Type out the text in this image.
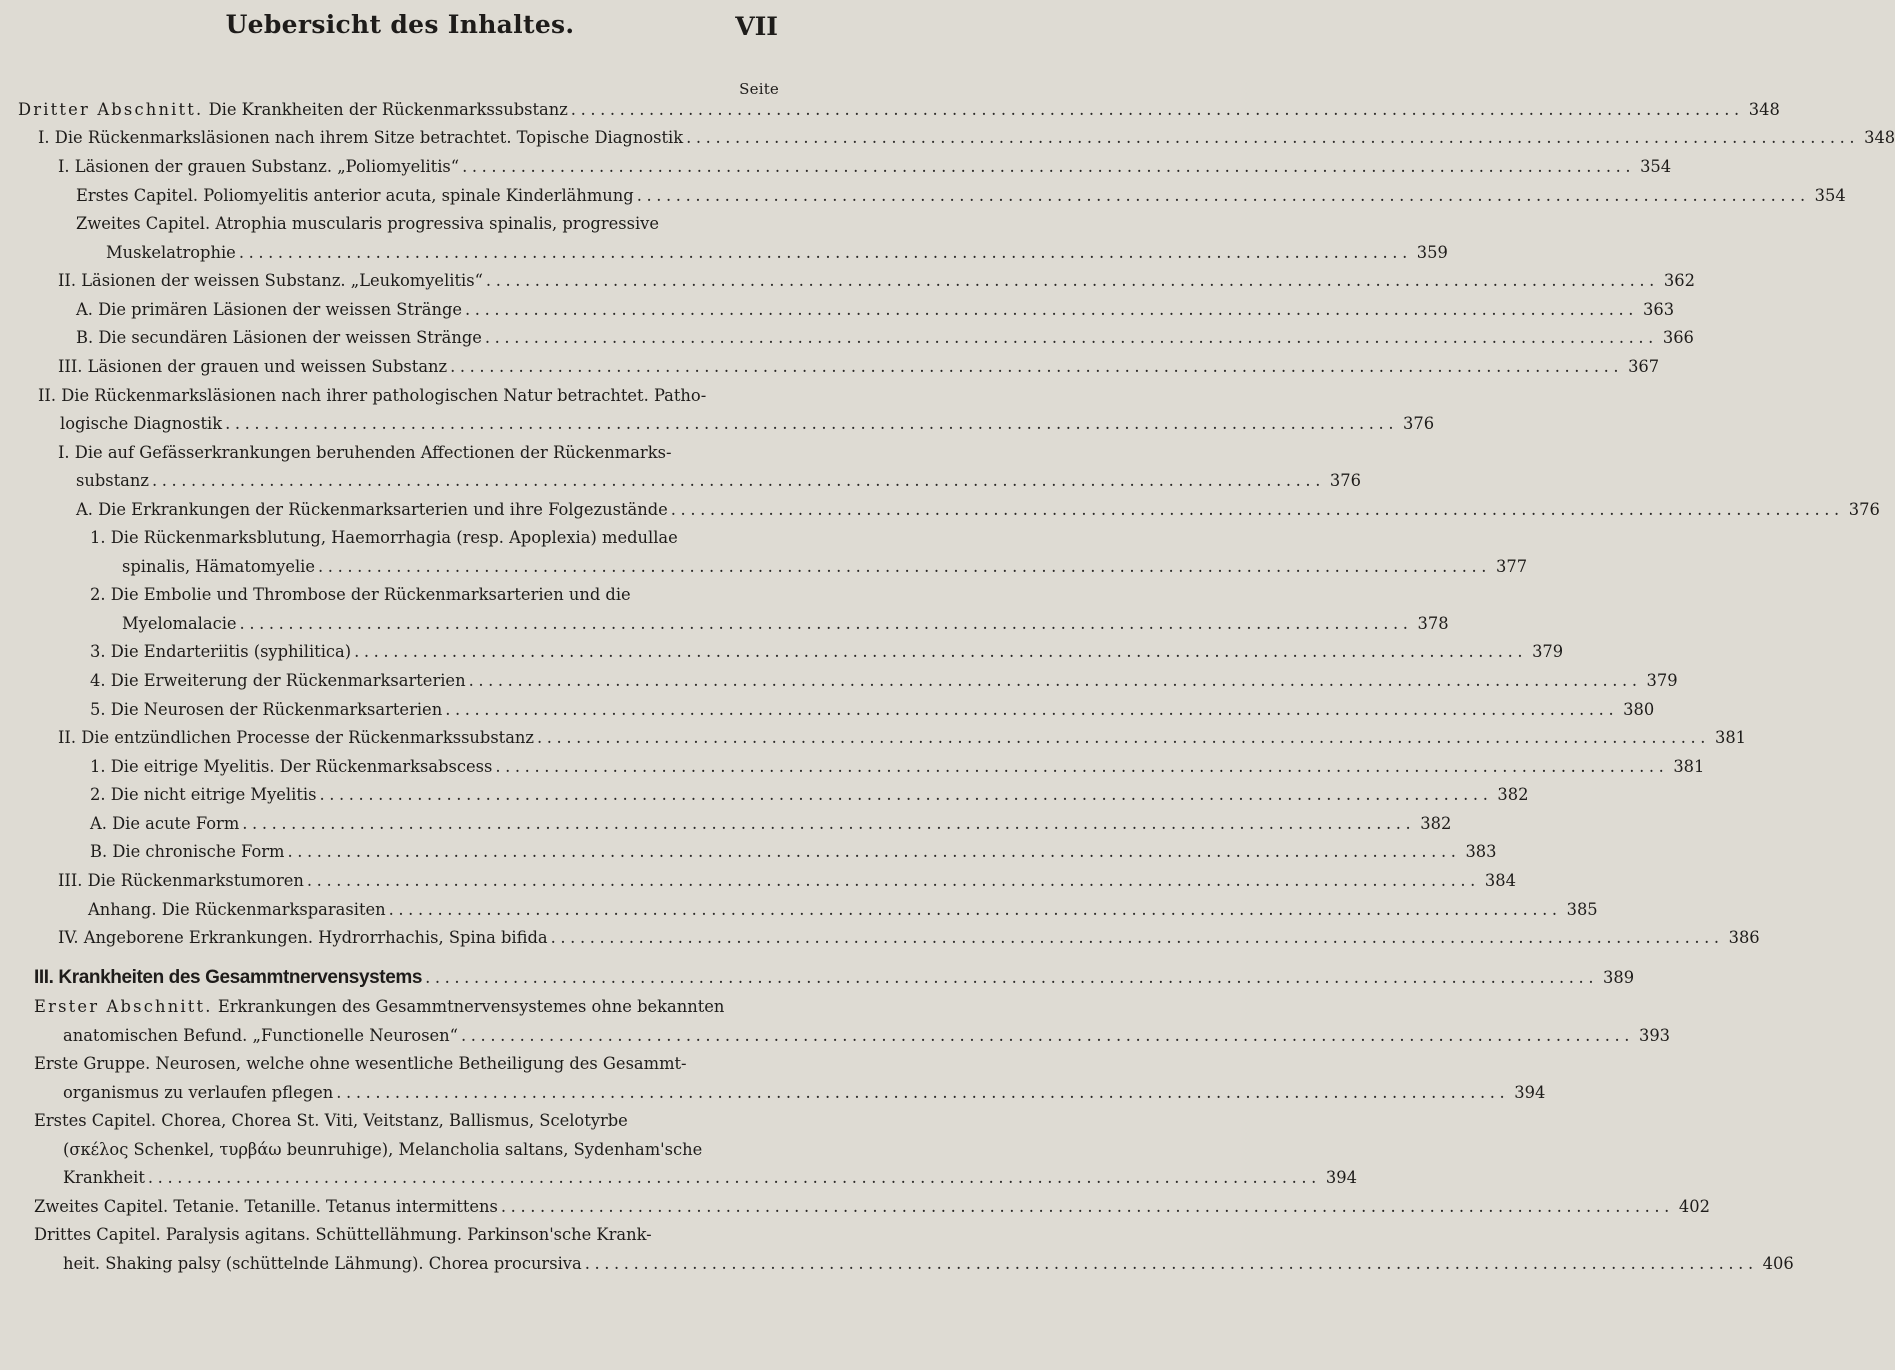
Uebersicht des Inhaltes.	VII
Seite
Dritter Abschnitt. Die Krankheiten der Rückenmarkssubstanz ........................................................................................................................ 348
I. Die Rückenmarksläsionen nach ihrem Sitze betrachtet. Topische Diagnostik ........................................................................................................................ 348
I. Läsionen der grauen Substanz. „Poliomyelitis“ ........................................................................................................................ 354
Erstes Capitel. Poliomyelitis anterior acuta, spinale Kinderlähmung ........................................................................................................................ 354
Zweites Capitel. Atrophia muscularis progressiva spinalis, progressive
Muskelatrophie ........................................................................................................................ 359
II. Läsionen der weissen Substanz. „Leukomyelitis“ ........................................................................................................................ 362
A. Die primären Läsionen der weissen Stränge ........................................................................................................................ 363
B. Die secundären Läsionen der weissen Stränge ........................................................................................................................ 366
III. Läsionen der grauen und weissen Substanz ........................................................................................................................ 367
II. Die Rückenmarksläsionen nach ihrer pathologischen Natur betrachtet. Patho-
logische Diagnostik ........................................................................................................................ 376
I. Die auf Gefässerkrankungen beruhenden Affectionen der Rückenmarks-
substanz ........................................................................................................................ 376
A. Die Erkrankungen der Rückenmarksarterien und ihre Folgezustände ........................................................................................................................ 376
1. Die Rückenmarksblutung, Haemorrhagia (resp. Apoplexia) medullae
spinalis, Hämatomyelie ........................................................................................................................ 377
2. Die Embolie und Thrombose der Rückenmarksarterien und die
Myelomalacie ........................................................................................................................ 378
3. Die Endarteriitis (syphilitica) ........................................................................................................................ 379
4. Die Erweiterung der Rückenmarksarterien ........................................................................................................................ 379
5. Die Neurosen der Rückenmarksarterien ........................................................................................................................ 380
II. Die entzündlichen Processe der Rückenmarkssubstanz ........................................................................................................................ 381
1. Die eitrige Myelitis. Der Rückenmarksabscess ........................................................................................................................ 381
2. Die nicht eitrige Myelitis ........................................................................................................................ 382
A. Die acute Form ........................................................................................................................ 382
B. Die chronische Form ........................................................................................................................ 383
III. Die Rückenmarkstumoren ........................................................................................................................ 384
Anhang. Die Rückenmarksparasiten ........................................................................................................................ 385
IV. Angeborene Erkrankungen. Hydrorrhachis, Spina bifida ........................................................................................................................ 386
III. Krankheiten des Gesammtnervensystems ........................................................................................................................ 389
Erster Abschnitt. Erkrankungen des Gesammtnervensystemes ohne bekannten
anatomischen Befund. „Functionelle Neurosen“ ........................................................................................................................ 393
Erste Gruppe. Neurosen, welche ohne wesentliche Betheiligung des Gesammt-
organismus zu verlaufen pflegen ........................................................................................................................ 394
Erstes Capitel. Chorea, Chorea St. Viti, Veitstanz, Ballismus, Scelotyrbe
(σκέλος Schenkel, τυρβάω beunruhige), Melancholia saltans, Sydenham'sche
Krankheit ........................................................................................................................ 394
Zweites Capitel. Tetanie. Tetanille. Tetanus intermittens ........................................................................................................................ 402
Drittes Capitel. Paralysis agitans. Schüttellähmung. Parkinson'sche Krank-
heit. Shaking palsy (schüttelnde Lähmung). Chorea procursiva ........................................................................................................................ 406
